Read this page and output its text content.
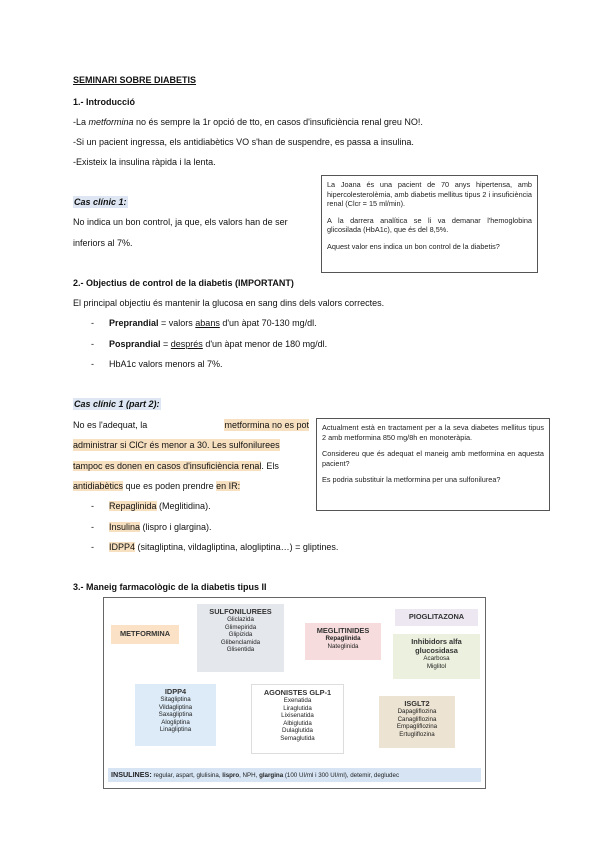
SEMINARI SOBRE DIABETIS
1.- Introducció
-La metformina no és sempre la 1r opció de tto, en casos d'insuficiència renal greu NO!.
-Si un pacient ingressa, els antidiabètics VO s'han de suspendre, es passa a insulina.
-Existeix la insulina ràpida i la lenta.
Cas clínic 1:
No indica un bon control, ja que, els valors han de ser
inferiors al 7%.

La Joana és una pacient de 70 anys hipertensa, amb hipercolesterolèmia, amb diabetis mellitus tipus 2 i insuficiència renal (Clcr = 15 ml/min).

A la darrera analítica se li va demanar l'hemoglobina glicosilada (HbA1c), que és del 8,5%.

Aquest valor ens indica un bon control de la diabetis?

2.- Objectius de control de la diabetis (IMPORTANT)
El principal objectiu és mantenir la glucosa en sang dins dels valors correctes.
- Preprandial = valors abans d'un àpat 70-130 mg/dl.
- Posprandial = després d'un àpat menor de 180 mg/dl.
- HbA1c valors menors al 7%.
Cas clínic 1 (part 2):
No es l'adequat, la	metformina no es pot
administrar si ClCr és menor a 30. Les sulfonilurees
tampoc es donen en casos d'insuficiència renal. Els
antidiabètics que es poden prendre en IR:
- Repaglinida (Meglitidina).
- Insulina (lispro i glargina).
- IDPP4 (sitagliptina, vildagliptina, alogliptina…) = gliptines.

Actualment està en tractament per a la seva diabetes mellitus tipus 2 amb metformina 850 mg/8h en monoteràpia.

Considereu que és adequat el maneig amb metformina en aquesta pacient?

Es podria substituir la metformina per una sulfonilurea?

3.- Maneig farmacològic de la diabetis tipus II
METFORMINA
SULFONILUREES
Gliclazida
Glimepirida
Glipizida
Glibenclamida
Glisentida
MEGLITINIDES
Repaglinida
Nateglinida
PIOGLITAZONA
Inhibidors alfa
glucosidasa
Acarbosa
Miglitol
IDPP4
Sitagliptina
Vildagliptina
Saxagliptina
Alogliptina
Linagliptina
AGONISTES GLP-1
Exenatida
Liraglutida
Lixisenatida
Albiglutida
Dulaglutida
Semaglutida
ISGLT2
Dapagliflozina
Canagliflozina
Empagliflozina
Ertugliflozina
INSULINES: regular, aspart, glulisina, lispro, NPH, glargina (100 UI/ml i 300 UI/ml), detemir, degludec
